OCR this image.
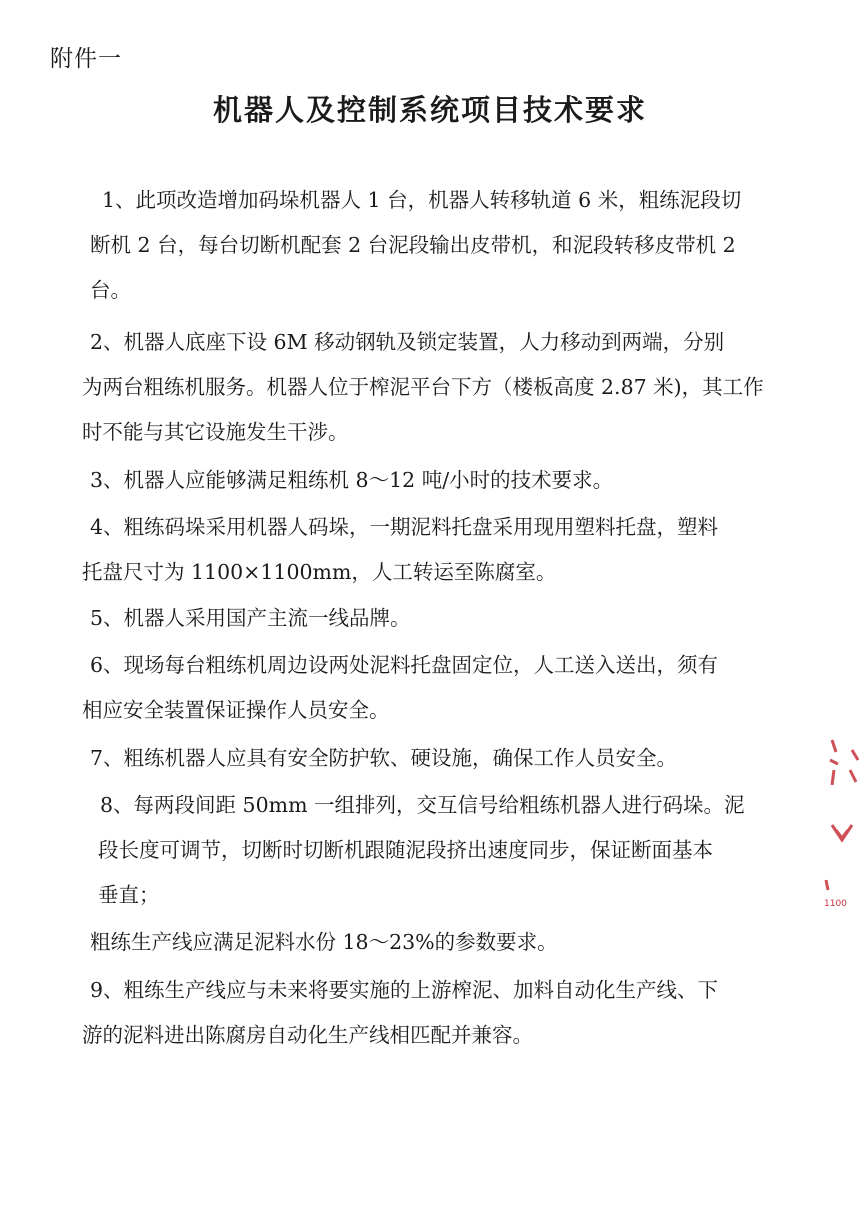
附件一
机器人及控制系统项目技术要求
1、此项改造增加码垛机器人 1 台，机器人转移轨道 6 米，粗练泥段切
断机 2 台，每台切断机配套 2 台泥段输出皮带机，和泥段转移皮带机 2
台。
2、机器人底座下设 6M 移动钢轨及锁定装置，人力移动到两端，分别
为两台粗练机服务。机器人位于榨泥平台下方（楼板高度 2.87 米)，其工作
时不能与其它设施发生干涉。
3、机器人应能够满足粗练机 8～12 吨/小时的技术要求。
4、粗练码垛采用机器人码垛，一期泥料托盘采用现用塑料托盘，塑料
托盘尺寸为 1100×1100mm，人工转运至陈腐室。
5、机器人采用国产主流一线品牌。
6、现场每台粗练机周边设两处泥料托盘固定位，人工送入送出，须有
相应安全装置保证操作人员安全。
7、粗练机器人应具有安全防护软、硬设施，确保工作人员安全。
8、每两段间距 50mm 一组排列，交互信号给粗练机器人进行码垛。泥
段长度可调节，切断时切断机跟随泥段挤出速度同步，保证断面基本
垂直；
粗练生产线应满足泥料水份 18～23%的参数要求。
9、粗练生产线应与未来将要实施的上游榨泥、加料自动化生产线、下
游的泥料进出陈腐房自动化生产线相匹配并兼容。
1100
